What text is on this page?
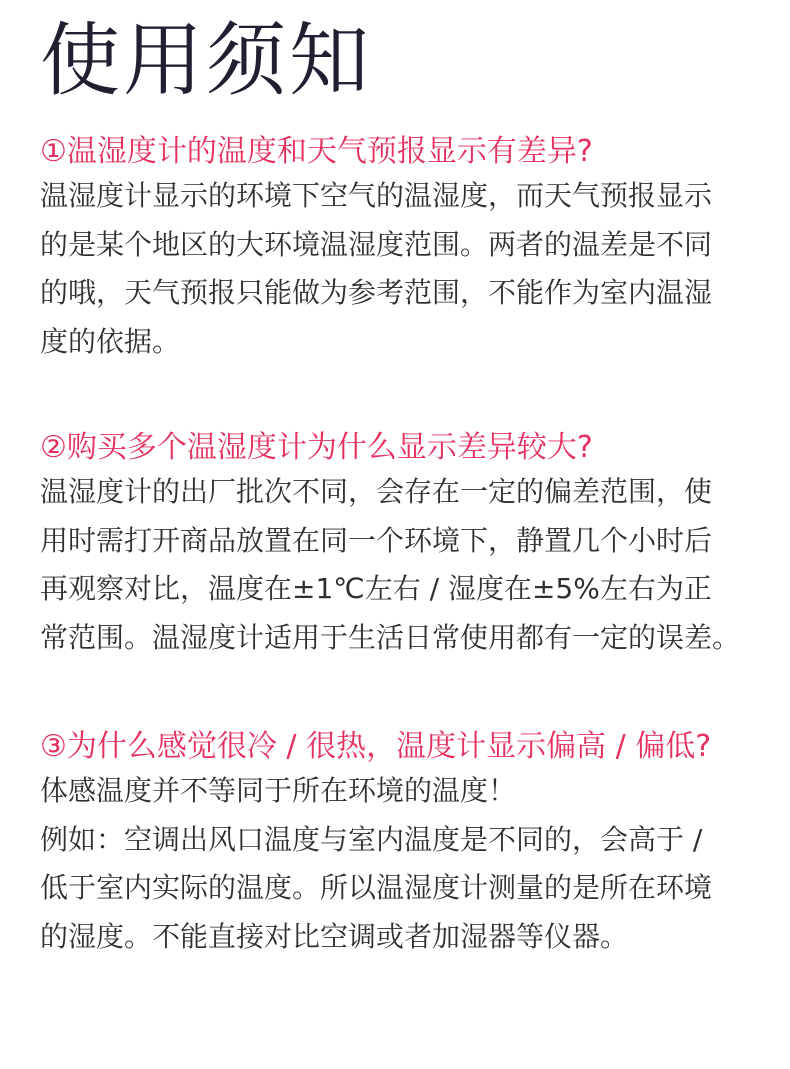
使用须知
①温湿度计的温度和天气预报显示有差异?

温湿度计显示的环境下空气的温湿度，而天气预报显示

的是某个地区的大环境温湿度范围。两者的温差是不同

的哦，天气预报只能做为参考范围，不能作为室内温湿

度的依据。

②购买多个温湿度计为什么显示差异较大?

温湿度计的出厂批次不同，会存在一定的偏差范围，使

用时需打开商品放置在同一个环境下，静置几个小时后

再观察对比，温度在±1℃左右 / 湿度在±5%左右为正

常范围。温湿度计适用于生活日常使用都有一定的误差。

③为什么感觉很冷 / 很热，温度计显示偏高 / 偏低?

体感温度并不等同于所在环境的温度！

例如：空调出风口温度与室内温度是不同的，会高于 /

低于室内实际的温度。所以温湿度计测量的是所在环境

的湿度。不能直接对比空调或者加湿器等仪器。
